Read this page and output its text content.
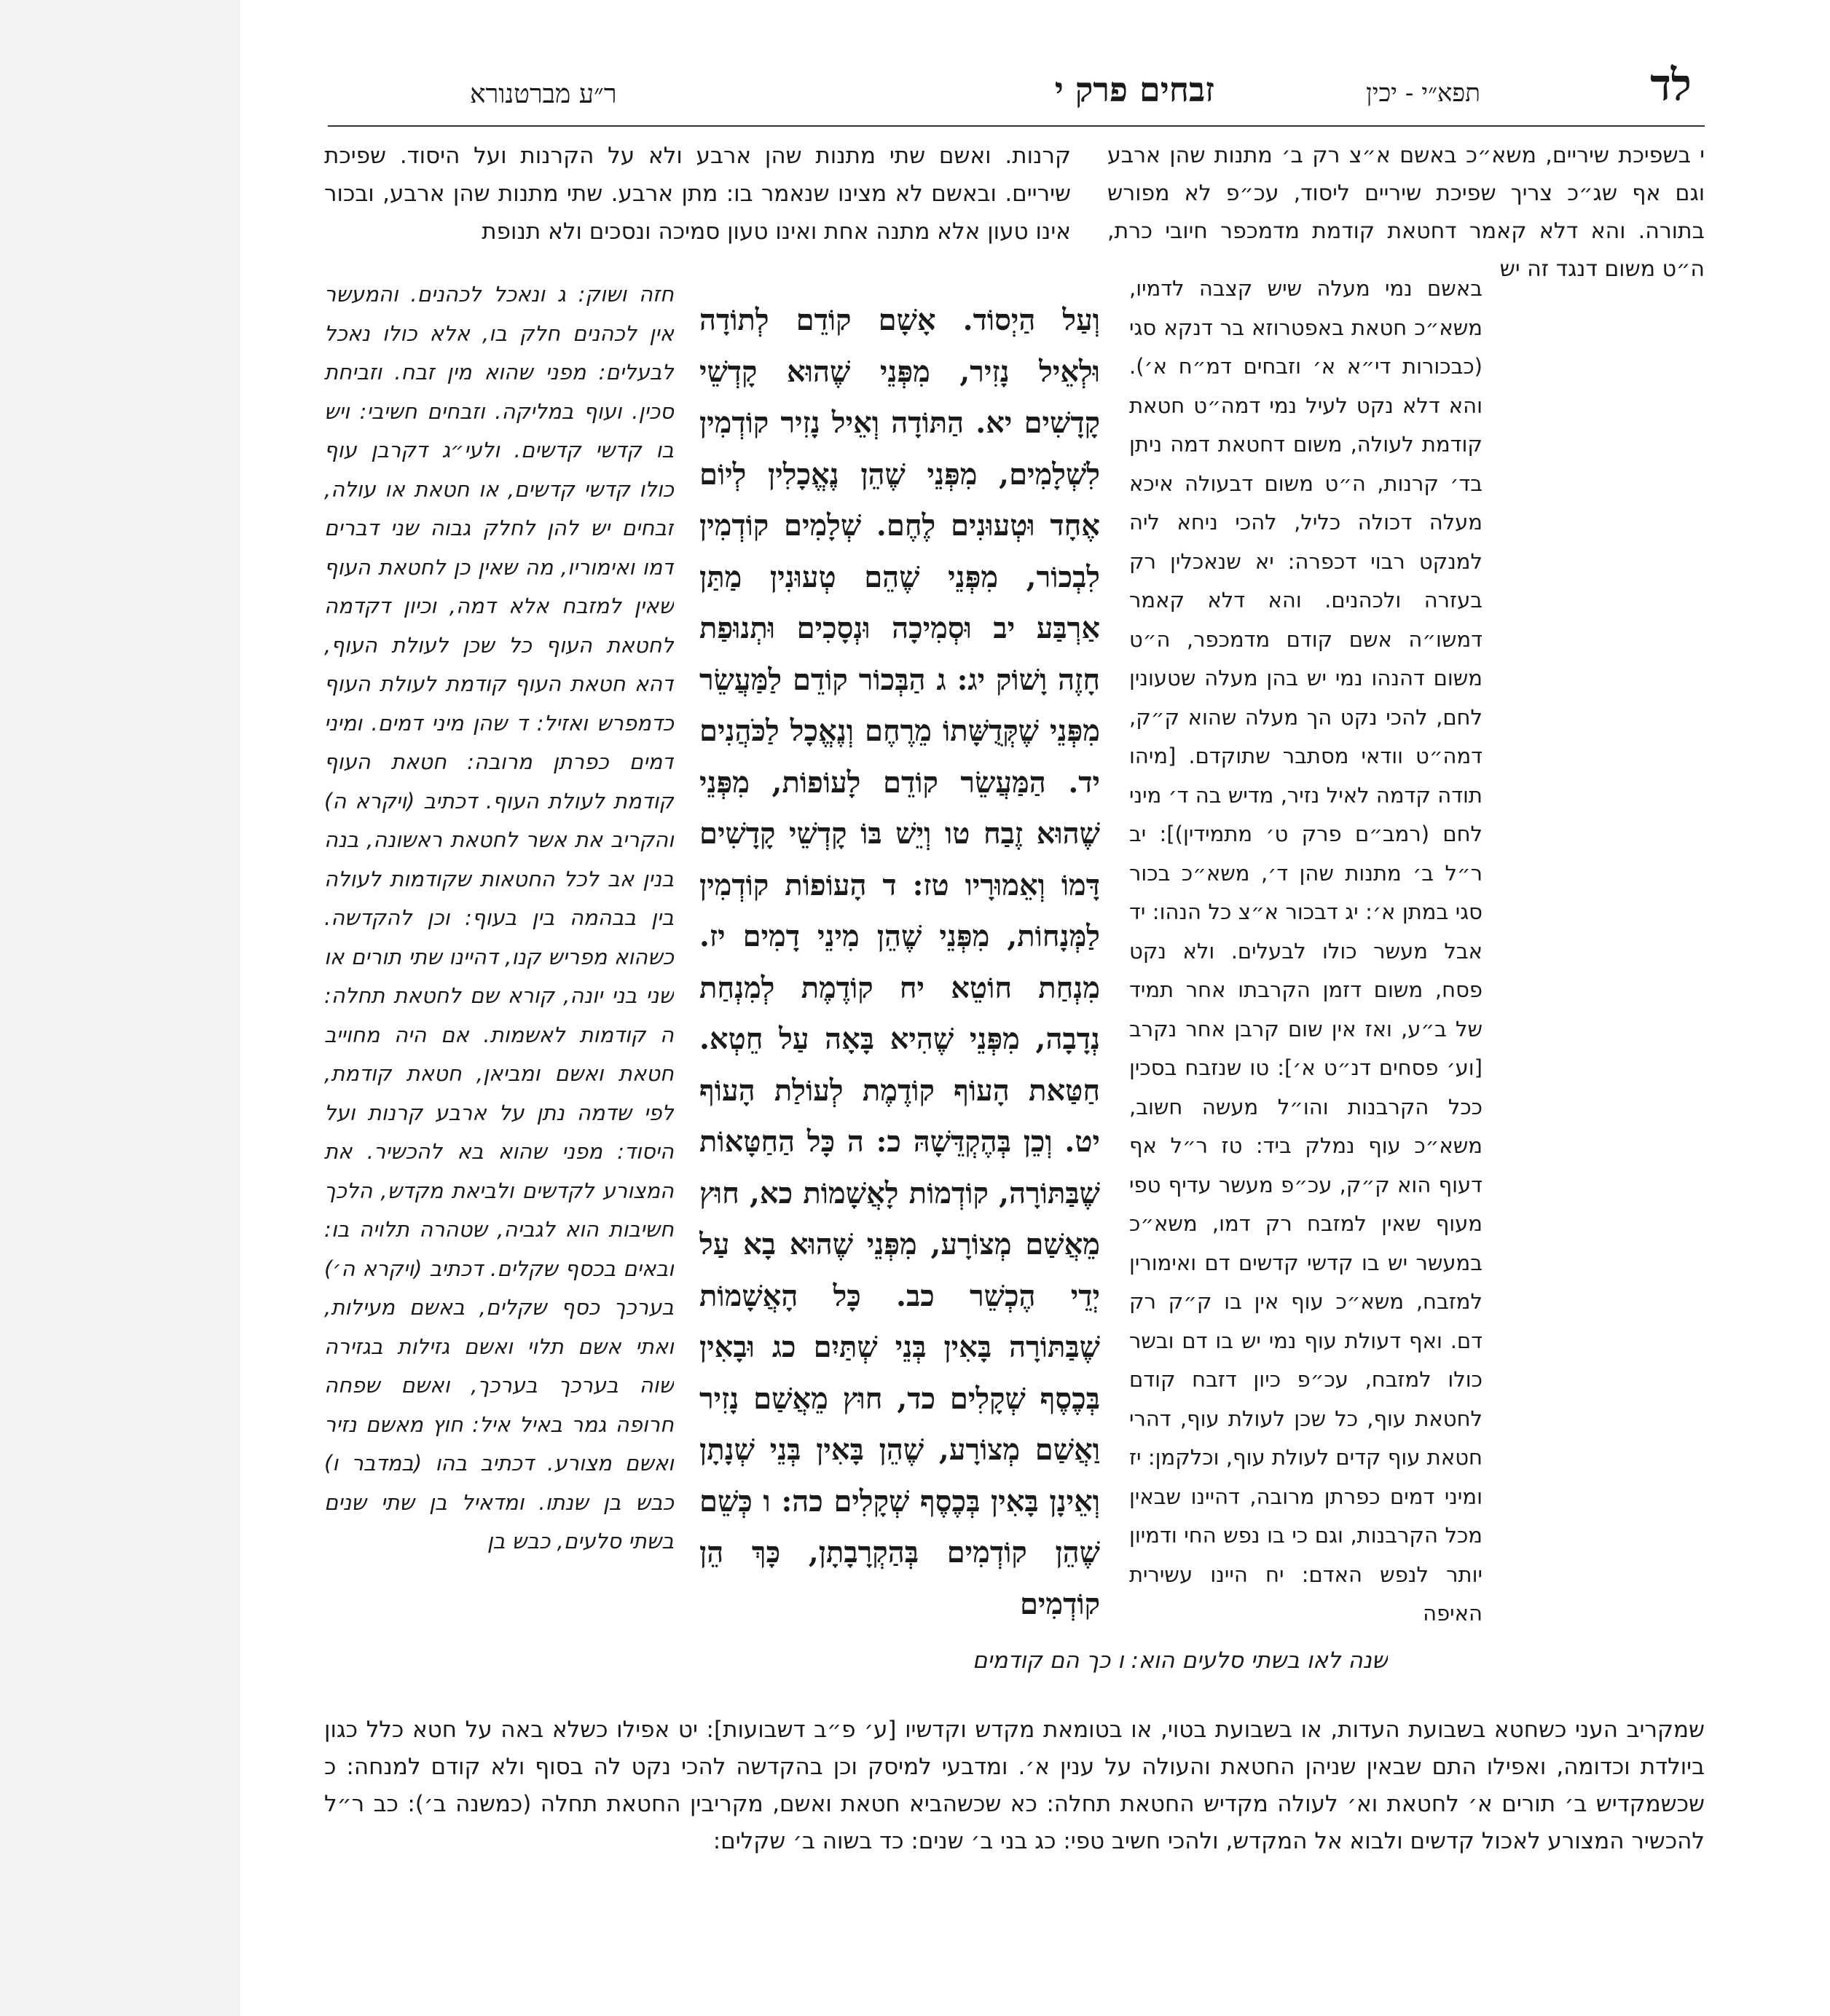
לד
תפא״י - יכין
זבחים פרק י
ר״ע מברטנורא

י בשפיכת שיריים, משא״כ באשם א״צ רק ב׳ מתנות שהן ארבע וגם אף שג״כ צריך שפיכת שיריים ליסוד, עכ״פ לא מפורש בתורה. והא דלא קאמר דחטאת קודמת מדמכפר חיובי כרת, ה״ט משום דנגד זה יש

קרנות. ואשם שתי מתנות שהן ארבע ולא על הקרנות ועל היסוד. שפיכת שיריים. ובאשם לא מצינו שנאמר בו: מתן ארבע. שתי מתנות שהן ארבע, ובכור אינו טעון אלא מתנה אחת ואינו טעון סמיכה ונסכים ולא תנופת

באשם נמי מעלה שיש קצבה לדמיו, משא״כ חטאת באפטרוזא בר דנקא סגי (כבכורות די״א א׳ וזבחים דמ״ח א׳). והא דלא נקט לעיל נמי דמה״ט חטאת קודמת לעולה, משום דחטאת דמה ניתן בד׳ קרנות, ה״ט משום דבעולה איכא מעלה דכולה כליל, להכי ניחא ליה למנקט רבוי דכפרה: יא שנאכלין רק בעזרה ולכהנים. והא דלא קאמר דמשו״ה אשם קודם מדמכפר, ה״ט משום דהנהו נמי יש בהן מעלה שטעונין לחם, להכי נקט הך מעלה שהוא ק״ק, דמה״ט וודאי מסתבר שתוקדם. [מיהו תודה קדמה לאיל נזיר, מדיש בה ד׳ מיני לחם (רמב״ם פרק ט׳ מתמידין)]: יב ר״ל ב׳ מתנות שהן ד׳, משא״כ בכור סגי במתן א׳: יג דבכור א״צ כל הנהו: יד אבל מעשר כולו לבעלים. ולא נקט פסח, משום דזמן הקרבתו אחר תמיד של ב״ע, ואז אין שום קרבן אחר נקרב [וע׳ פסחים דנ״ט א׳]: טו שנזבח בסכין ככל הקרבנות והו״ל מעשה חשוב, משא״כ עוף נמלק ביד: טז ר״ל אף דעוף הוא ק״ק, עכ״פ מעשר עדיף טפי מעוף שאין למזבח רק דמו, משא״כ במעשר יש בו קדשי קדשים דם ואימורין למזבח, משא״כ עוף אין בו ק״ק רק דם. ואף דעולת עוף נמי יש בו דם ובשר כולו למזבח, עכ״פ כיון דזבח קודם לחטאת עוף, כל שכן לעולת עוף, דהרי חטאת עוף קדים לעולת עוף, וכלקמן: יז ומיני דמים כפרתן מרובה, דהיינו שבאין מכל הקרבנות, וגם כי בו נפש החי ודמיון יותר לנפש האדם: יח היינו עשירית האיפה

וְעַל הַיְסוֹד. אָשָׁם קוֹדֵם לְתוֹדָה וּלְאֵיל נָזִיר, מִפְּנֵי שֶׁהוּא קָדְשֵׁי קָדָשִׁים יא. הַתּוֹדָה וְאֵיל נָזִיר קוֹדְמִין לִשְׁלָמִים, מִפְּנֵי שֶׁהֵן נֶאֱכָלִין לְיוֹם אֶחָד וּטְעוּנִים לֶחֶם. שְׁלָמִים קוֹדְמִין לִבְכוֹר, מִפְּנֵי שֶׁהֵם טְעוּנִין מַתַּן אַרְבַּע יב וּסְמִיכָה וּנְסָכִים וּתְנוּפַת חָזֶה וָשׁוֹק יג: ג הַבְּכוֹר קוֹדֵם לַמַּעֲשֵׂר מִפְּנֵי שֶׁקְּדֻשָּׁתוֹ מֵרֶחֶם וְנֶאֱכָל לַכֹּהֲנִים יד. הַמַּעֲשֵׂר קוֹדֵם לָעוֹפוֹת, מִפְּנֵי שֶׁהוּא זֶבַח טו וְיֵשׁ בּוֹ קָדְשֵׁי קָדָשִׁים דָּמוֹ וְאֵמוּרָיו טז: ד הָעוֹפוֹת קוֹדְמִין לַמְּנָחוֹת, מִפְּנֵי שֶׁהֵן מִינֵי דָמִים יז. מִנְחַת חוֹטֵא יח קוֹדֶמֶת לְמִנְחַת נְדָבָה, מִפְּנֵי שֶׁהִיא בָּאָה עַל חֵטְא. חַטַּאת הָעוֹף קוֹדֶמֶת לְעוֹלַת הָעוֹף יט. וְכֵן בְּהֶקְדֵּשָׁהּ כ: ה כָּל הַחַטָּאוֹת שֶׁבַּתּוֹרָה, קוֹדְמוֹת לָאֲשָׁמוֹת כא, חוּץ מֵאֲשַׁם מְצוֹרָע, מִפְּנֵי שֶׁהוּא בָא עַל יְדֵי הֶכְשֵׁר כב. כָּל הָאֲשָׁמוֹת שֶׁבַּתּוֹרָה בָּאִין בְּנֵי שְׁתַּיִם כג וּבָאִין בְּכֶסֶף שְׁקָלִים כד, חוּץ מֵאֲשַׁם נָזִיר וַאֲשַׁם מְצוֹרָע, שֶׁהֵן בָּאִין בְּנֵי שְׁנָתָן וְאֵינָן בָּאִין בְּכֶסֶף שְׁקָלִים כה: ו כְּשֵׁם שֶׁהֵן קוֹדְמִים בְּהַקְרָבָתָן, כָּךְ הֵן קוֹדְמִים

חזה ושוק: ג ונאכל לכהנים. והמעשר אין לכהנים חלק בו, אלא כולו נאכל לבעלים: מפני שהוא מין זבח. וזביחת סכין. ועוף במליקה. וזבחים חשיבי: ויש בו קדשי קדשים. ולעי״ג דקרבן עוף כולו קדשי קדשים, או חטאת או עולה, זבחים יש להן לחלק גבוה שני דברים דמו ואימוריו, מה שאין כן לחטאת העוף שאין למזבח אלא דמה, וכיון דקדמה לחטאת העוף כל שכן לעולת העוף, דהא חטאת העוף קודמת לעולת העוף כדמפרש ואזיל: ד שהן מיני דמים. ומיני דמים כפרתן מרובה: חטאת העוף קודמת לעולת העוף. דכתיב (ויקרא ה) והקריב את אשר לחטאת ראשונה, בנה בנין אב לכל החטאות שקודמות לעולה בין בבהמה בין בעוף: וכן להקדשה. כשהוא מפריש קנו, דהיינו שתי תורים או שני בני יונה, קורא שם לחטאת תחלה: ה קודמות לאשמות. אם היה מחוייב חטאת ואשם ומביאן, חטאת קודמת, לפי שדמה נתן על ארבע קרנות ועל היסוד: מפני שהוא בא להכשיר. את המצורע לקדשים ולביאת מקדש, הלכך חשיבות הוא לגביה, שטהרה תלויה בו: ובאים בכסף שקלים. דכתיב (ויקרא ה׳) בערכך כסף שקלים, באשם מעילות, ואתי אשם תלוי ואשם גזילות בגזירה שוה בערכך בערכך, ואשם שפחה חרופה גמר באיל איל: חוץ מאשם נזיר ואשם מצורע. דכתיב בהו (במדבר ו) כבש בן שנתו. ומדאיל בן שתי שנים בשתי סלעים, כבש בן

שנה לאו בשתי סלעים הוא: ו כך הם קודמים

שמקריב העני כשחטא בשבועת העדות, או בשבועת בטוי, או בטומאת מקדש וקדשיו [ע׳ פ״ב דשבועות]: יט אפילו כשלא באה על חטא כלל כגון ביולדת וכדומה, ואפילו התם שבאין שניהן החטאת והעולה על ענין א׳. ומדבעי למיסק וכן בהקדשה להכי נקט לה בסוף ולא קודם למנחה: כ שכשמקדיש ב׳ תורים א׳ לחטאת וא׳ לעולה מקדיש החטאת תחלה: כא שכשהביא חטאת ואשם, מקריבין החטאת תחלה (כמשנה ב׳): כב ר״ל להכשיר המצורע לאכול קדשים ולבוא אל המקדש, ולהכי חשיב טפי: כג בני ב׳ שנים: כד בשוה ב׳ שקלים:
